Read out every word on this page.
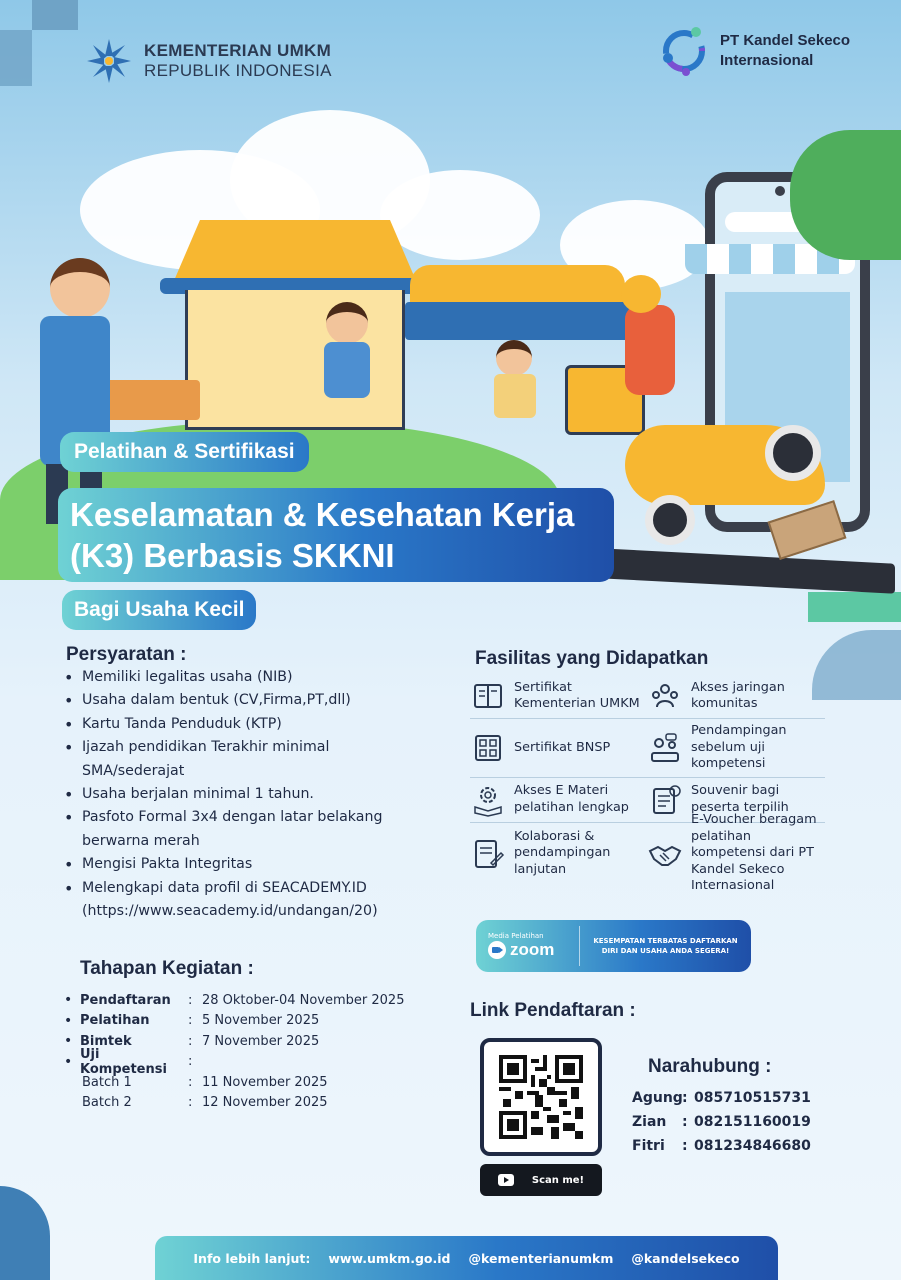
KEMENTERIAN UMKM
REPUBLIK INDONESIA
PT Kandel Sekeco
Internasional
Pelatihan & Sertifikasi
Keselamatan & Kesehatan Kerja
(K3) Berbasis SKKNI
Bagi Usaha Kecil
Persyaratan :
• Memiliki legalitas usaha (NIB)
• Usaha dalam bentuk (CV,Firma,PT,dll)
• Kartu Tanda Penduduk (KTP)
• Ijazah pendidikan Terakhir minimal SMA/sederajat
• Usaha berjalan minimal 1 tahun.
• Pasfoto Formal 3x4 dengan latar belakang berwarna merah
• Mengisi Pakta Integritas
• Melengkapi data profil di SEACADEMY.ID (https://www.seacademy.id/undangan/20)
Tahapan Kegiatan :
• Pendaftaran	: 28 Oktober-04 November 2025
• Pelatihan	: 5 November 2025
• Bimtek	: 7 November 2025
• Uji Kompetensi	:
Batch 1	: 11 November 2025
Batch 2	: 12 November 2025
Fasilitas yang Didapatkan
Sertifikat Kementerian UMKM
Akses jaringan komunitas
Sertifikat BNSP
Pendampingan sebelum uji kompetensi
Akses E Materi pelatihan lengkap
Souvenir bagi peserta terpilih
Kolaborasi & pendampingan lanjutan
E-Voucher beragam pelatihan kompetensi dari PT Kandel Sekeco Internasional
Media Pelatihan
zoom	KESEMPATAN TERBATAS DAFTARKAN DIRI DAN USAHA ANDA SEGERA!
Link Pendaftaran :
Scan me!
Narahubung :
Agung : 085710515731
Zian	: 082151160019
Fitri	: 081234846680
Info lebih lanjut: www.umkm.go.id @kementerianumkm @kandelsekeco
